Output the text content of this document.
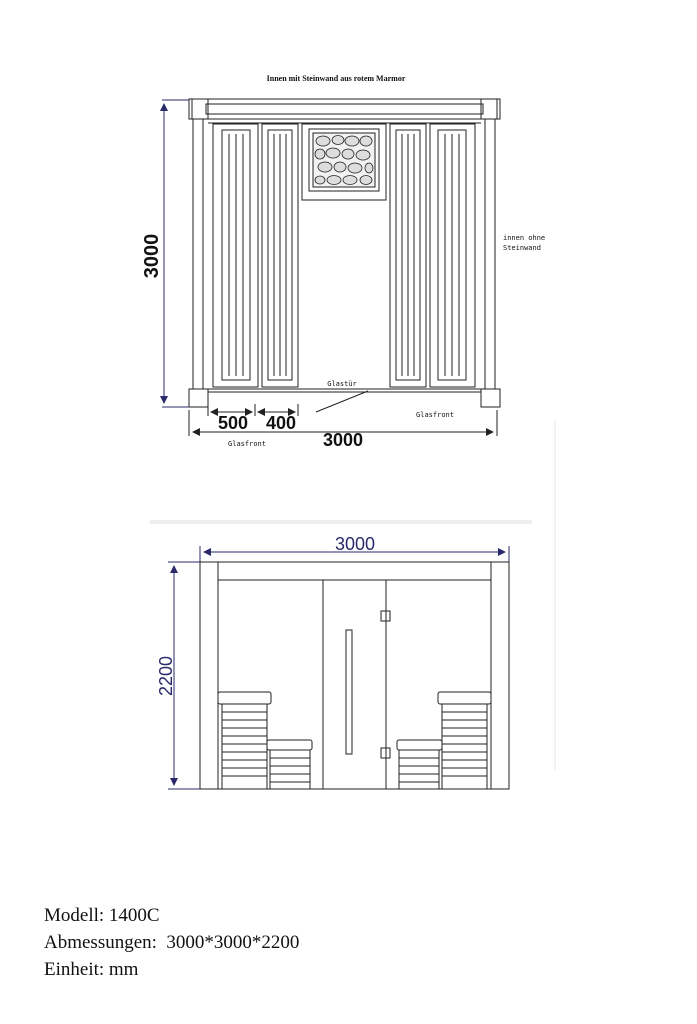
Innen mit Steinwand aus rotem Marmor
Glastür
Glasfront
Glasfront
innen ohne
Steinwand
3000
3000
500 400
3000
2200
Modell: 1400C
Abmessungen:  3000*3000*2200
Einheit: mm
